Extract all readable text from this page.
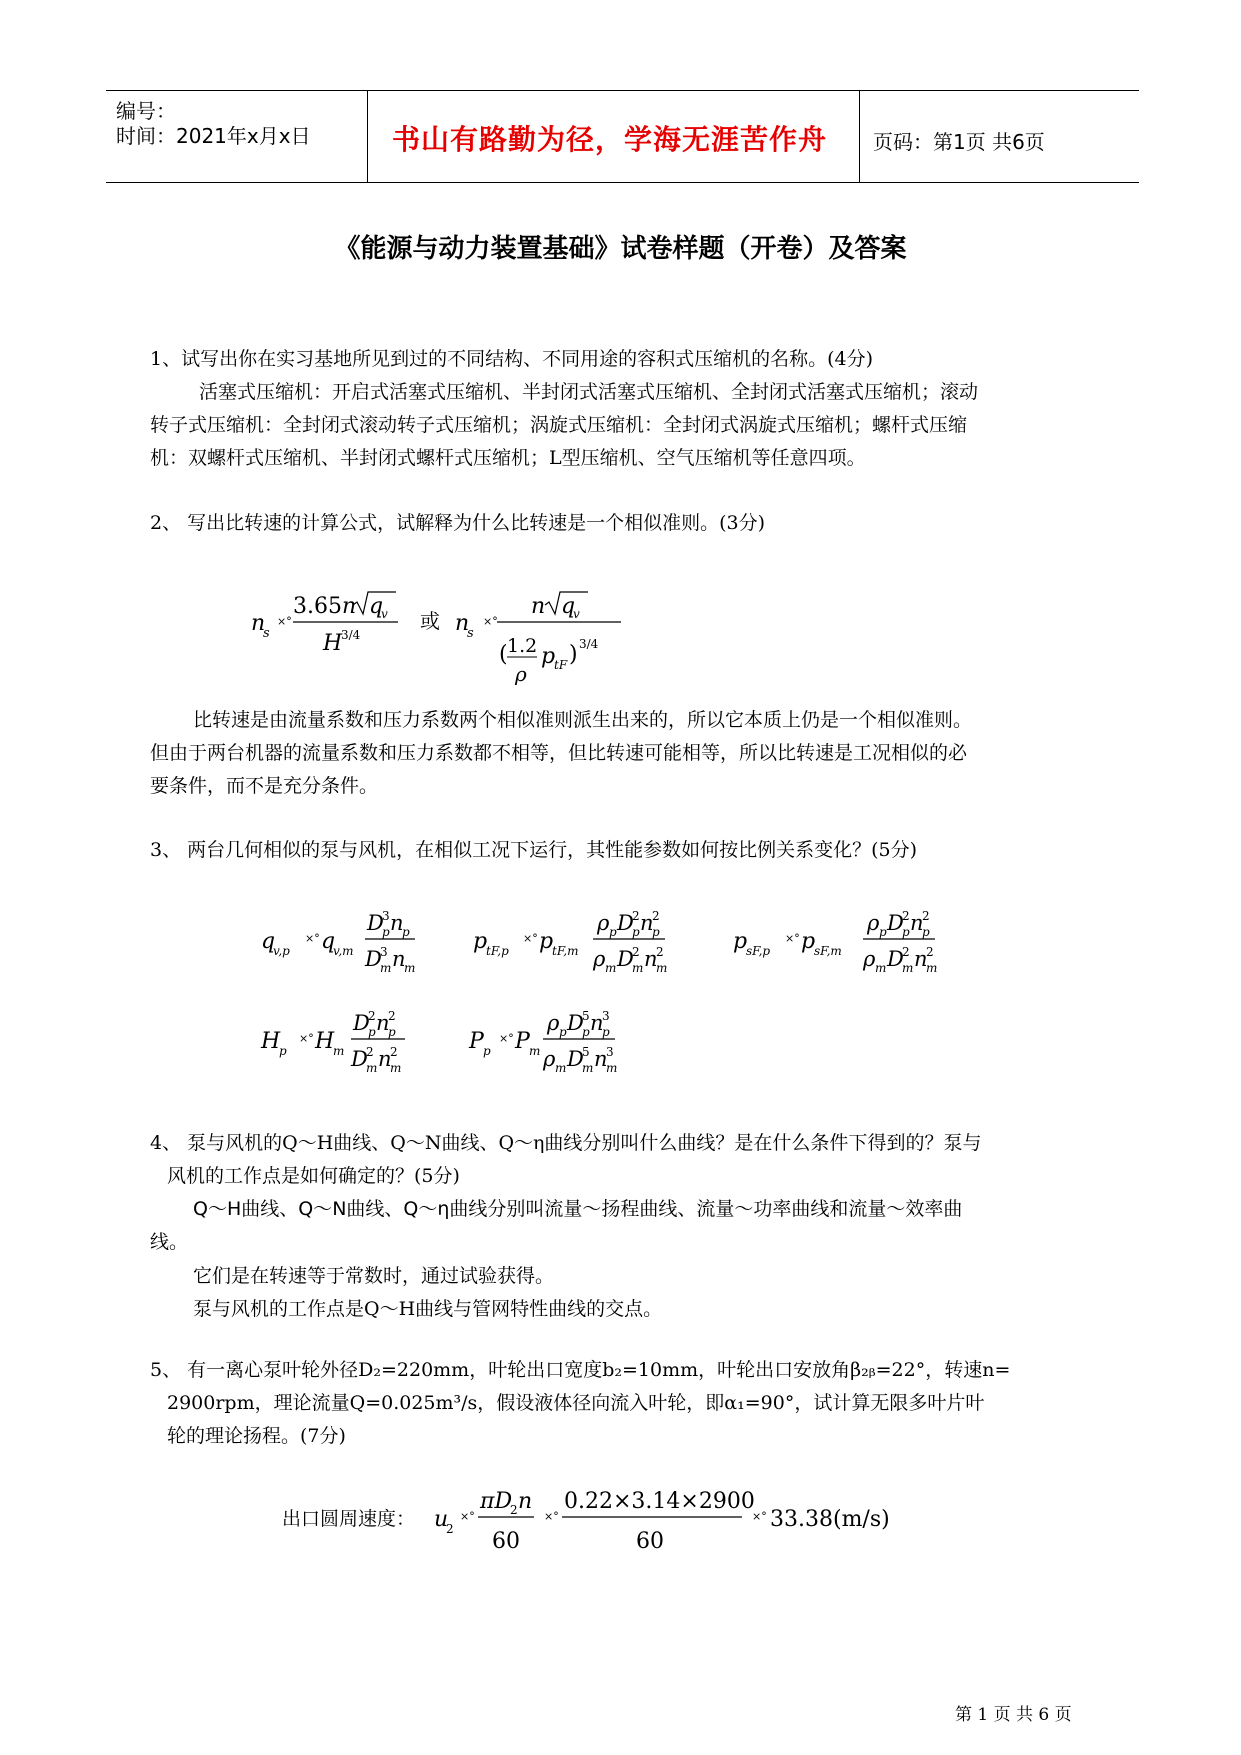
编号：
时间：2021年x月x日	书山有路勤为径，学海无涯苦作舟 页码：第1页 共6页
《能源与动力装置基础》试卷样题（开卷）及答案
1、试写出你在实习基地所见到过的不同结构、不同用途的容积式压缩机的名称。(4分)
活塞式压缩机：开启式活塞式压缩机、半封闭式活塞式压缩机、全封闭式活塞式压缩机；滚动
转子式压缩机：全封闭式滚动转子式压缩机；涡旋式压缩机：全封闭式涡旋式压缩机；螺杆式压缩
机：双螺杆式压缩机、半封闭式螺杆式压缩机；L型压缩机、空气压缩机等任意四项。
2、 写出比转速的计算公式，试解释为什么比转速是一个相似准则。(3分)
n
s
×°
3.65n q
v
H
3/4
或 n
s
×°
n q
v
( 1.2
ρ
p
tF ) 3/4
比转速是由流量系数和压力系数两个相似准则派生出来的，所以它本质上仍是一个相似准则。
但由于两台机器的流量系数和压力系数都不相等，但比转速可能相等，所以比转速是工况相似的必
要条件，而不是充分条件。
3、 两台几何相似的泵与风机，在相似工况下运行，其性能参数如何按比例关系变化？(5分)
q
v,p
×° q
v,m
D
3
p n
p
D
3
m n
m
p
tF,p
×° p
tF,m
ρ p D
2
p n
2
p
ρ m D
2
m n
2
m
p
sF,p
×° p
sF,m
ρ p D
2
p n
2
p
ρ m D
2
m n
2
m
H
p
×° H
m
D
2
p n
2
p
D
2
m n
2
m
P p
×° P m
ρ p D
5
p n
3
p
ρ m D
5
m n
3
m
4、 泵与风机的Q～H曲线、Q～N曲线、Q～η曲线分别叫什么曲线？是在什么条件下得到的？泵与
风机的工作点是如何确定的？(5分)
Q～H曲线、Q～N曲线、Q～η曲线分别叫流量～扬程曲线、流量～功率曲线和流量～效率曲
线。
它们是在转速等于常数时，通过试验获得。
泵与风机的工作点是Q～H曲线与管网特性曲线的交点。
5、 有一离心泵叶轮外径D₂=220mm，叶轮出口宽度b₂=10mm，叶轮出口安放角β₂ᵦ=22°，转速n=
2900rpm，理论流量Q=0.025m³/s，假设液体径向流入叶轮，即α₁=90°，试计算无限多叶片叶
轮的理论扬程。(7分)
出口圆周速度： u
2
×°
πD
2 n
60
×°
0.22×3.14×2900
60
×° 33.38(m/s)
第 1 页 共 6 页
